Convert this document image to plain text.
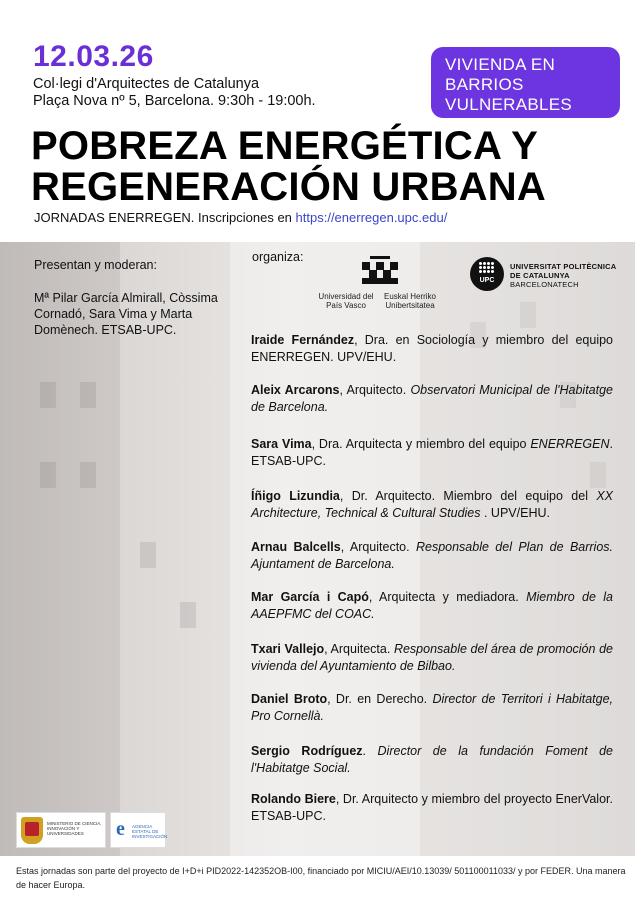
12.03.26
Col·legi d'Arquitectes de Catalunya
Plaça Nova nº 5, Barcelona. 9:30h - 19:00h.
VIVIENDA EN
BARRIOS
VULNERABLES
POBREZA ENERGÉTICA Y
REGENERACIÓN URBANA
JORNADAS ENERREGEN. Inscripciones en https://enerregen.upc.edu/
Presentan y moderan:
Mª Pilar García Almirall, Còssima Cornadó, Sara Vima y Marta Domènech. ETSAB-UPC.
organiza:
Universidad del País Vasco
Euskal Herriko Unibertsitatea
UPC
UNIVERSITAT POLITÈCNICA
DE CATALUNYA
BARCELONATECH
Iraide Fernández, Dra. en Sociología y miembro del equipo ENERREGEN. UPV/EHU.
Aleix Arcarons, Arquitecto. Observatori Municipal de l'Habitatge de Barcelona.
Sara Vima, Dra. Arquitecta y miembro del equipo ENERREGEN. ETSAB-UPC.
Íñigo Lizundia, Dr. Arquitecto. Miembro del equipo del XX Architecture, Technical & Cultural Studies . UPV/EHU.
Arnau Balcells, Arquitecto. Responsable del Plan de Barrios. Ajuntament de Barcelona.
Mar García i Capó, Arquitecta y mediadora. Miembro de la AAEPFMC del COAC.
Txari Vallejo, Arquitecta. Responsable del área de promoción de vivienda del Ayuntamiento de Bilbao.
Daniel Broto, Dr. en Derecho. Director de Territori i Habitatge, Pro Cornellà.
Sergio Rodríguez. Director de la fundación Foment de l'Habitatge Social.
Rolando Biere, Dr. Arquitecto y miembro del proyecto EnerValor. ETSAB-UPC.
MINISTERIO DE CIENCIA, INNOVACIÓN Y UNIVERSIDADES	e AGENCIA ESTATAL DE INVESTIGACIÓN

Estas jornadas son parte del proyecto de I+D+i PID2022-142352OB-I00, financiado por MICIU/AEI/10.13039/ 501100011033/ y por FEDER. Una manera de hacer Europa.
